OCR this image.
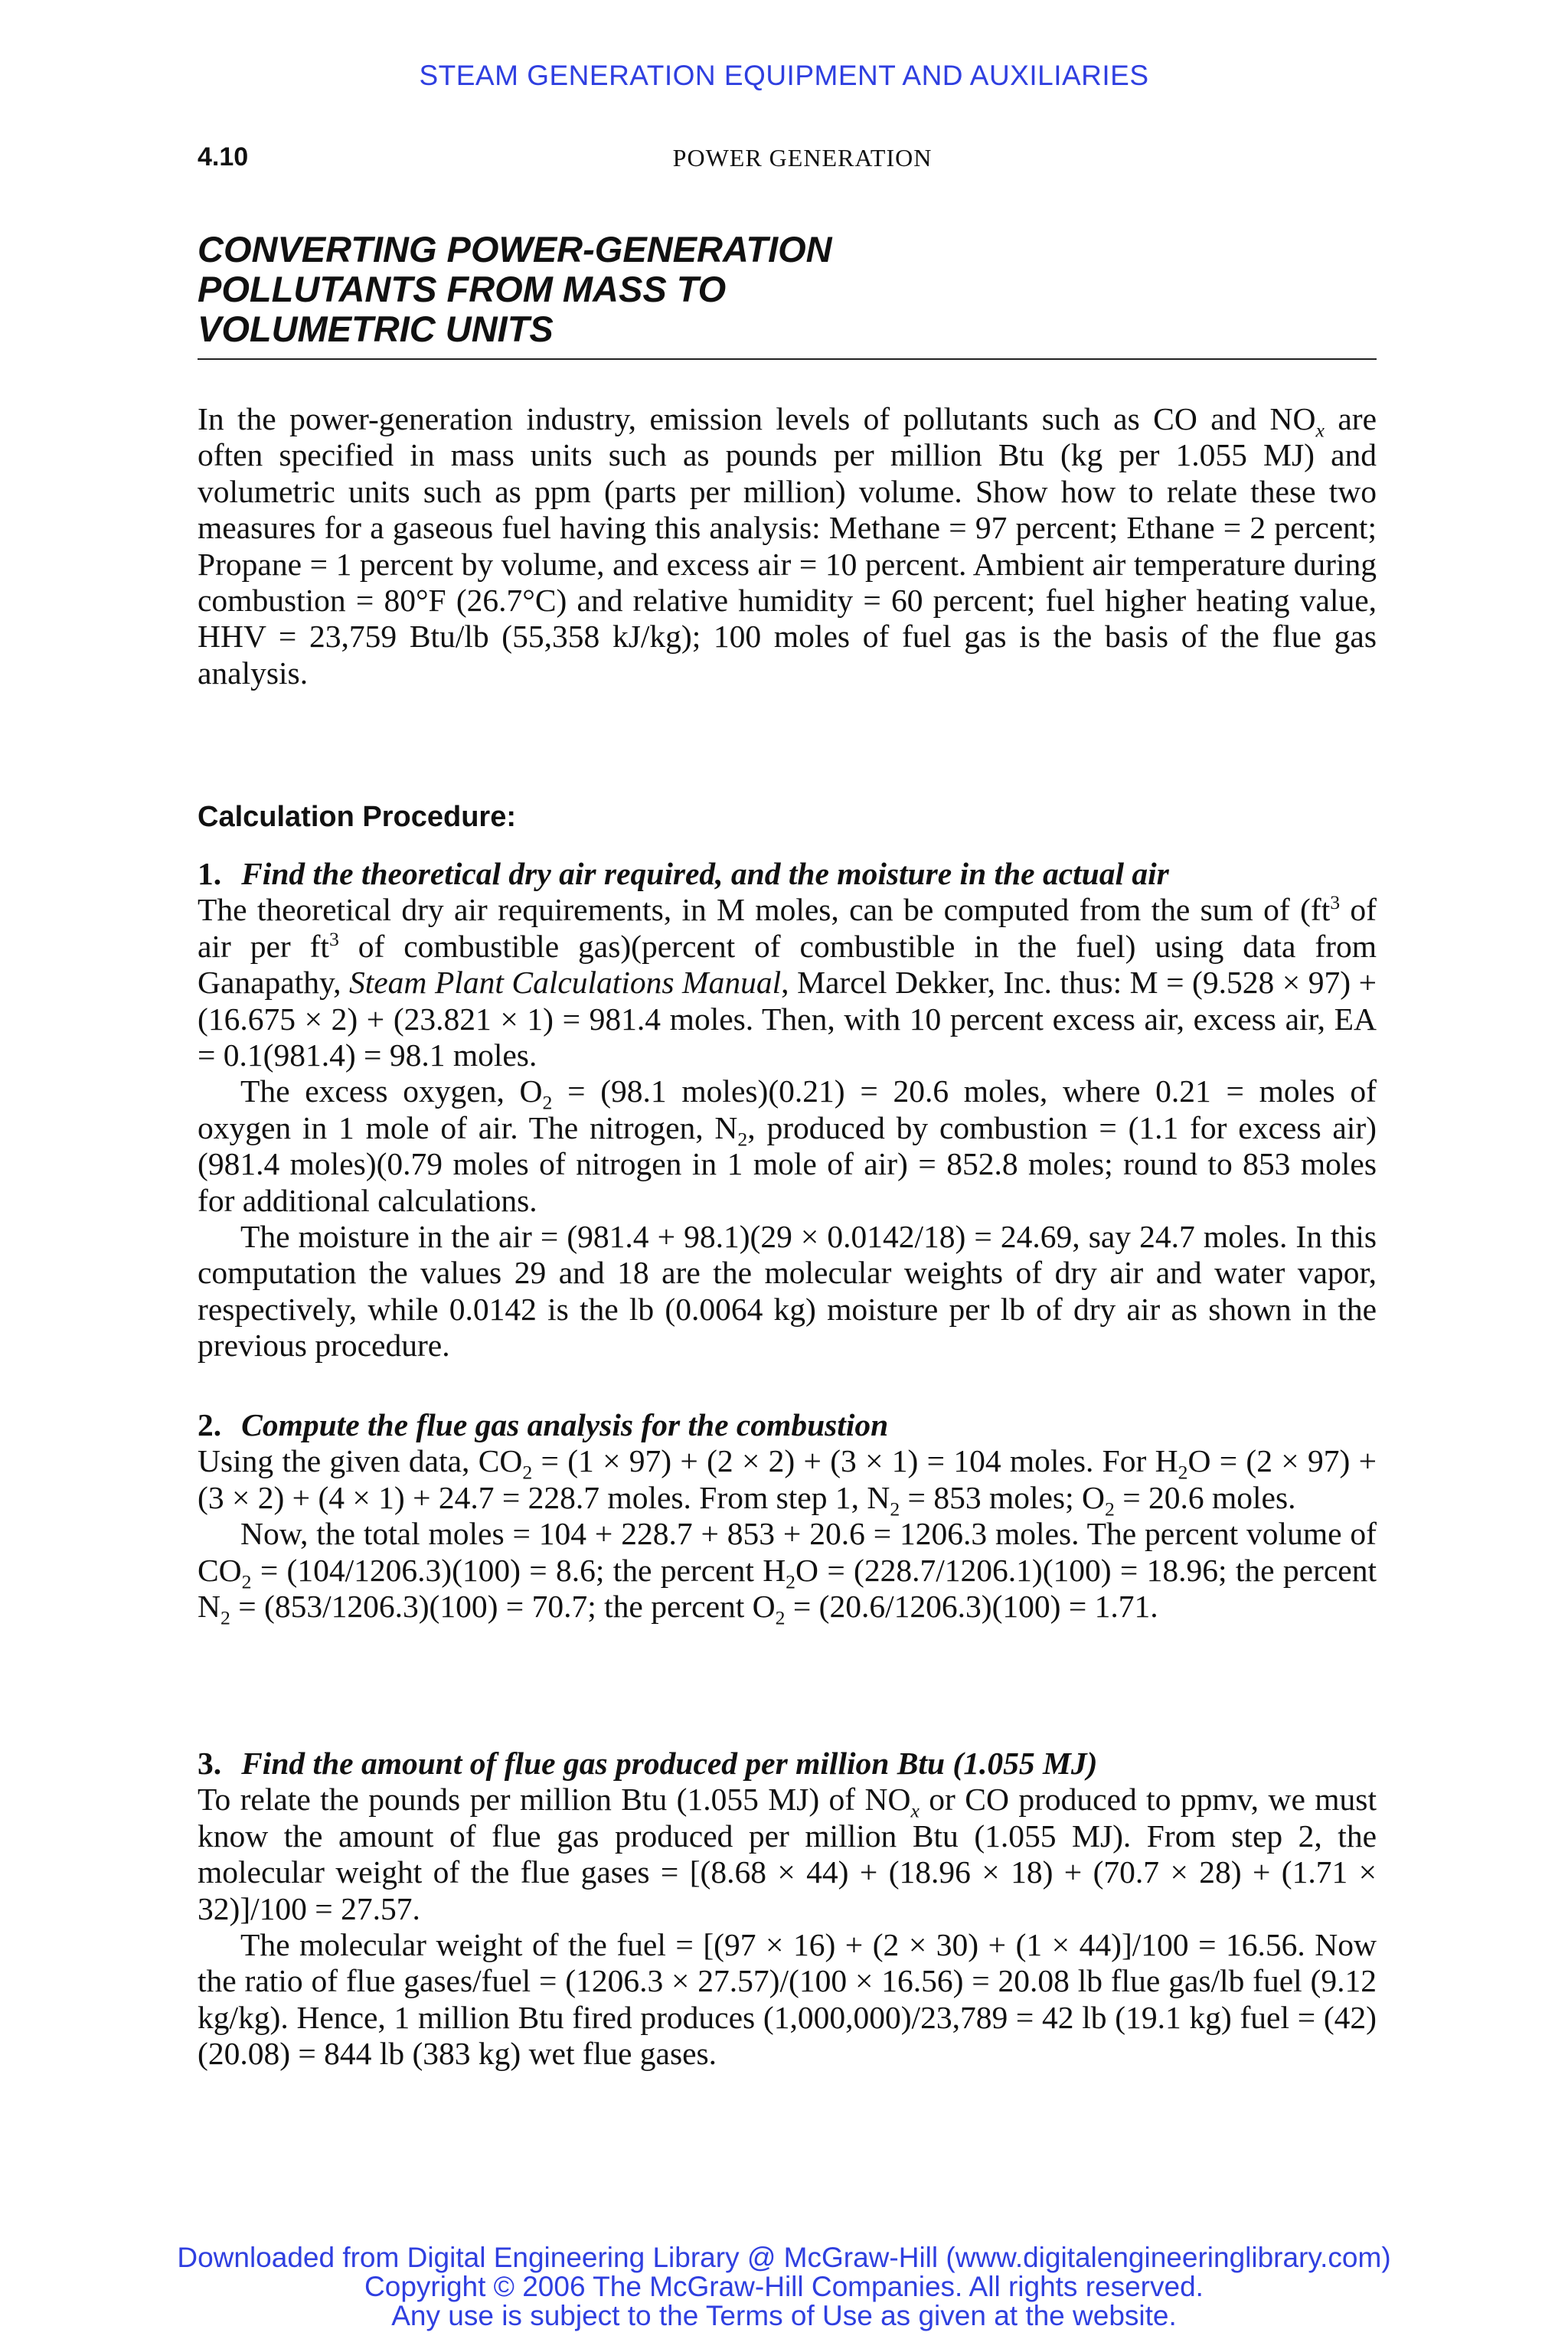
STEAM GENERATION EQUIPMENT AND AUXILIARIES
4.10	POWER GENERATION
CONVERTING POWER-GENERATION
POLLUTANTS FROM MASS TO
VOLUMETRIC UNITS

In the power-generation industry, emission levels of pollutants such as CO and $NO_x$ are often specified in mass units such as pounds per million Btu (kg per 1.055 MJ) and volumetric units such as ppm (parts per million) volume. Show how to relate these two measures for a gaseous fuel having this analysis: Methane = 97 percent; Ethane = 2 percent; Propane = 1 percent by volume, and excess air = 10 percent. Ambient air temperature during combustion = 80°F (26.7°C) and relative humidity = 60 percent; fuel higher heating value, HHV = 23,759 Btu/lb (55,358 kJ/kg); 100 moles of fuel gas is the basis of the flue gas analysis.

Calculation Procedure:

1. Find the theoretical dry air required, and the moisture in the actual air

The theoretical dry air requirements, in M moles, can be computed from the sum of ($ft^3$ of air per $ft^3$ of combustible gas)(percent of combustible in the fuel) using data from Ganapathy, Steam Plant Calculations Manual, Marcel Dekker, Inc. thus: M = (9.528 × 97) + (16.675 × 2) + (23.821 × 1) = 981.4 moles. Then, with 10 percent excess air, excess air, EA = 0.1(981.4) = 98.1 moles.

The excess oxygen, $O_2 = (98.1$ moles)(0.21) = 20.6 moles, where 0.21 = moles of oxygen in 1 mole of air. The nitrogen, $N_2$, produced by combustion = (1.1 for excess air)(981.4 moles)(0.79 moles of nitrogen in 1 mole of air) = 852.8 moles; round to 853 moles for additional calculations.

The moisture in the air = (981.4 + 98.1)(29 × 0.0142/18) = 24.69, say 24.7 moles. In this computation the values 29 and 18 are the molecular weights of dry air and water vapor, respectively, while 0.0142 is the lb (0.0064 kg) moisture per lb of dry air as shown in the previous procedure.

2. Compute the flue gas analysis for the combustion

Using the given data, $CO_2 = (1 \times 97) + (2 \times 2) + (3 \times 1) = 104$ moles. For $H_2O = (2 \times 97) + (3 \times 2) + (4 \times 1) + 24.7 = 228.7$ moles. From step 1, $N_2 = 853$ moles; $O_2 = 20.6$ moles.

Now, the total moles = 104 + 228.7 + 853 + 20.6 = 1206.3 moles. The percent volume of $CO_2 = (104/1206.3)(100) = 8.6$; the percent $H_2O = (228.7/1206.1)(100) = 18.96$; the percent $N_2 = (853/1206.3)(100) = 70.7$; the percent $O_2 = (20.6/1206.3)(100) = 1.71$.

3. Find the amount of flue gas produced per million Btu (1.055 MJ)

To relate the pounds per million Btu (1.055 MJ) of $NO_x$ or CO produced to ppmv, we must know the amount of flue gas produced per million Btu (1.055 MJ). From step 2, the molecular weight of the flue gases = [(8.68 × 44) + (18.96 × 18) + (70.7 × 28) + (1.71 × 32)]/100 = 27.57.

The molecular weight of the fuel = [(97 × 16) + (2 × 30) + (1 × 44)]/100 = 16.56. Now the ratio of flue gases/fuel = (1206.3 × 27.57)/(100 × 16.56) = 20.08 lb flue gas/lb fuel (9.12 kg/kg). Hence, 1 million Btu fired produces (1,000,000)/23,789 = 42 lb (19.1 kg) fuel = (42)(20.08) = 844 lb (383 kg) wet flue gases.

Downloaded from Digital Engineering Library @ McGraw-Hill (www.digitalengineeringlibrary.com)
Copyright © 2006 The McGraw-Hill Companies. All rights reserved.
Any use is subject to the Terms of Use as given at the website.
